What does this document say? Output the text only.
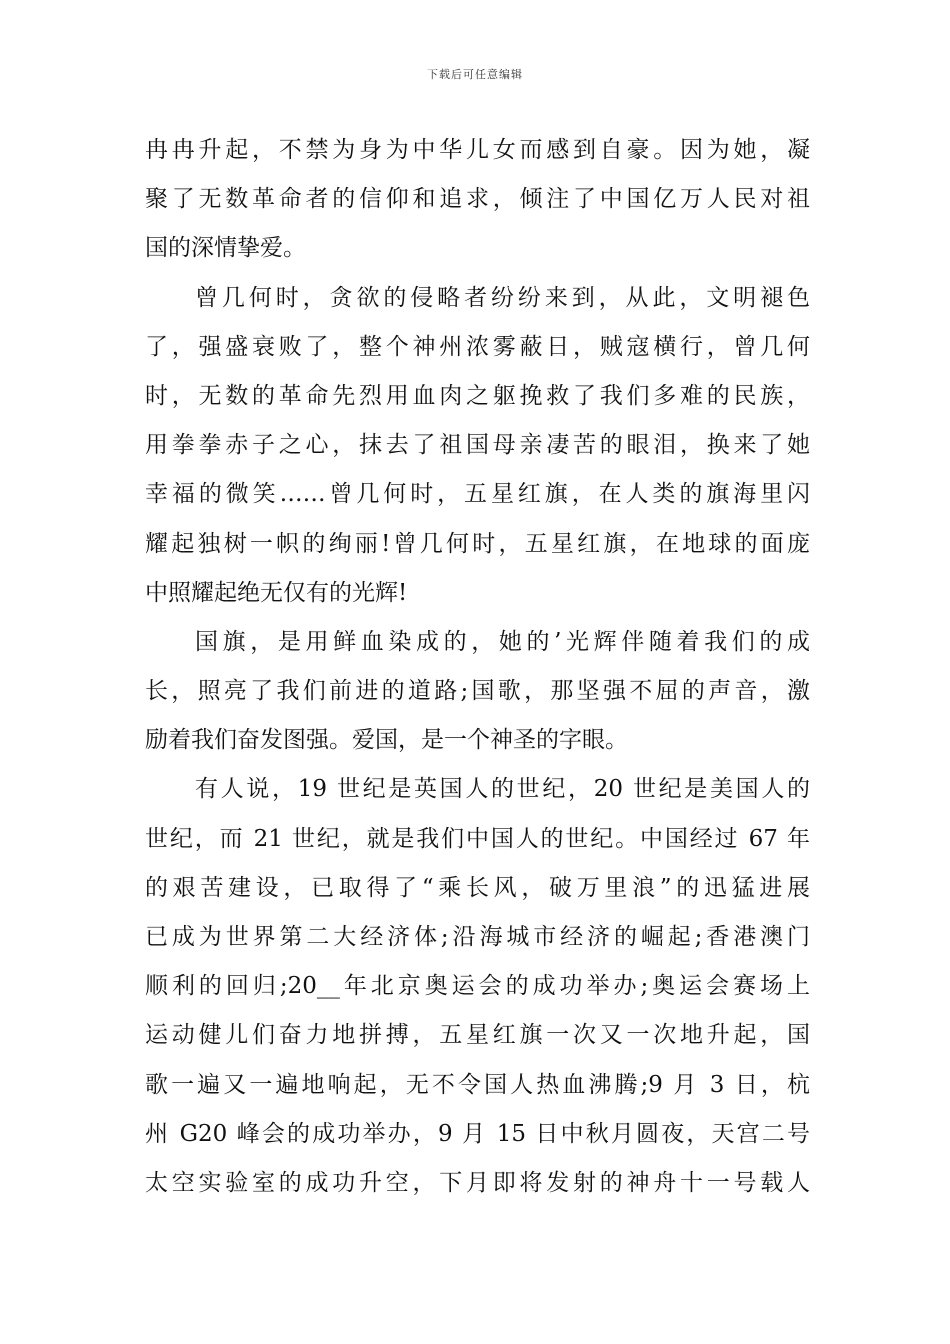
下载后可任意编辑
冉冉升起，不禁为身为中华儿女而感到自豪。因为她，凝
聚了无数革命者的信仰和追求，倾注了中国亿万人民对祖
国的深情挚爱。
曾几何时，贪欲的侵略者纷纷来到，从此，文明褪色
了，强盛衰败了，整个神州浓雾蔽日，贼寇横行，曾几何
时，无数的革命先烈用血肉之躯挽救了我们多难的民族，
用拳拳赤子之心，抹去了祖国母亲凄苦的眼泪，换来了她
幸福的微笑……曾几何时，五星红旗，在人类的旗海里闪
耀起独树一帜的绚丽!曾几何时，五星红旗，在地球的面庞
中照耀起绝无仅有的光辉!
国旗，是用鲜血染成的，她的’光辉伴随着我们的成
长，照亮了我们前进的道路;国歌，那坚强不屈的声音，激
励着我们奋发图强。爱国，是一个神圣的字眼。
有人说，19 世纪是英国人的世纪，20 世纪是美国人的
世纪，而 21 世纪，就是我们中国人的世纪。中国经过 67 年
的艰苦建设，已取得了“乘长风，破万里浪”的迅猛进展
已成为世界第二大经济体;沿海城市经济的崛起;香港澳门
顺利的回归;20__年北京奥运会的成功举办;奥运会赛场上
运动健儿们奋力地拼搏，五星红旗一次又一次地升起，国
歌一遍又一遍地响起，无不令国人热血沸腾;9 月 3 日，杭
州 G20 峰会的成功举办，9 月 15 日中秋月圆夜，天宫二号
太空实验室的成功升空，下月即将发射的神舟十一号载人
